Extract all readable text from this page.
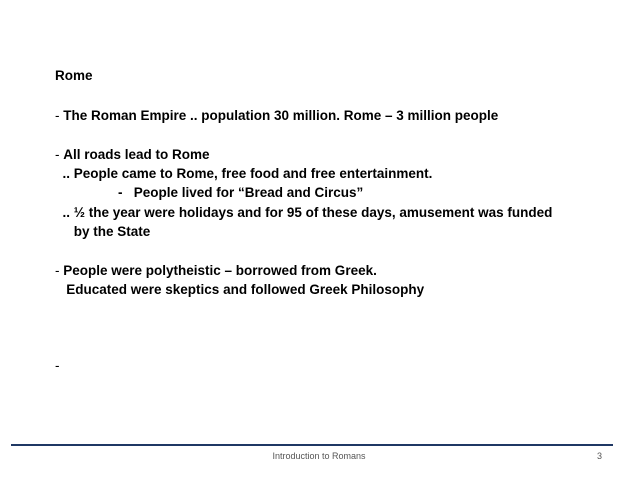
Rome
- The Roman Empire .. population 30 million. Rome – 3 million people
- All roads lead to Rome
.. People came to Rome, free food and free entertainment.
-   People lived for “Bread and Circus”
.. ½ the year were holidays and for 95 of these days, amusement was funded
by the State
- People were polytheistic – borrowed from Greek.
Educated were skeptics and followed Greek Philosophy
-
Introduction to Romans	3
